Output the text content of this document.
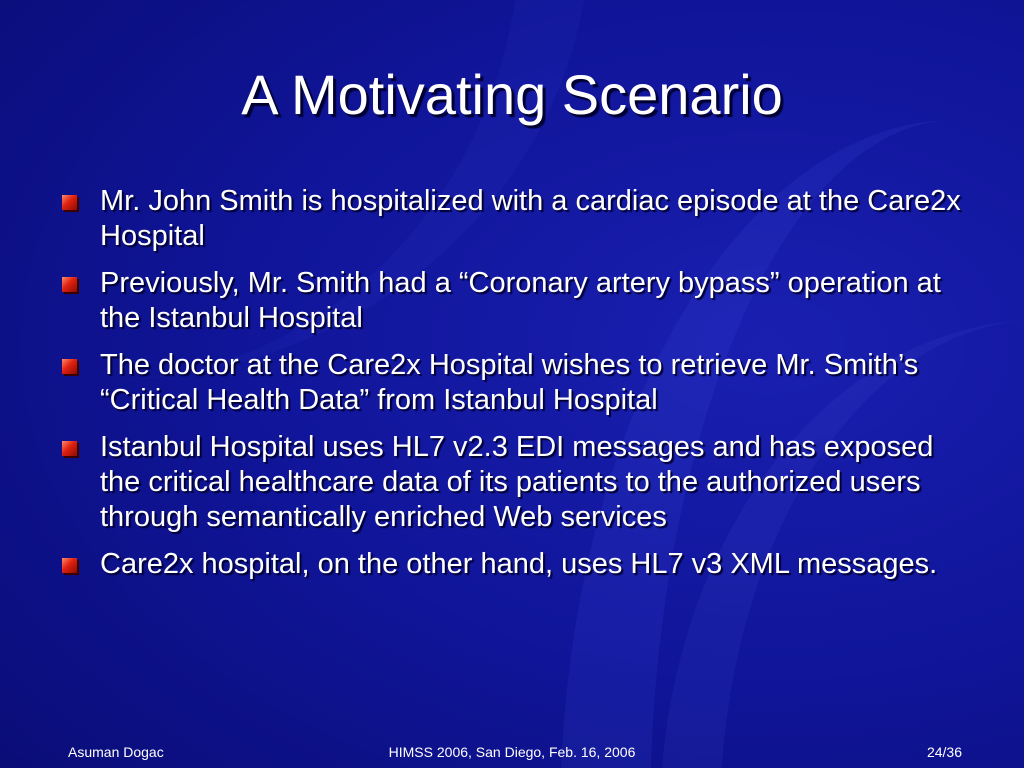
A Motivating Scenario
Mr. John Smith is hospitalized with a cardiac episode at the Care2x Hospital
Previously, Mr. Smith had a “Coronary artery bypass” operation at the Istanbul Hospital
The doctor at the Care2x Hospital wishes to retrieve Mr. Smith’s “Critical Health Data” from Istanbul Hospital
Istanbul Hospital uses HL7 v2.3 EDI messages and has exposed the critical healthcare data of its patients to the authorized users through semantically enriched Web services
Care2x hospital, on the other hand, uses HL7 v3 XML messages.
HIMSS 2006, San Diego, Feb. 16, 2006
Asuman Dogac	24/36
